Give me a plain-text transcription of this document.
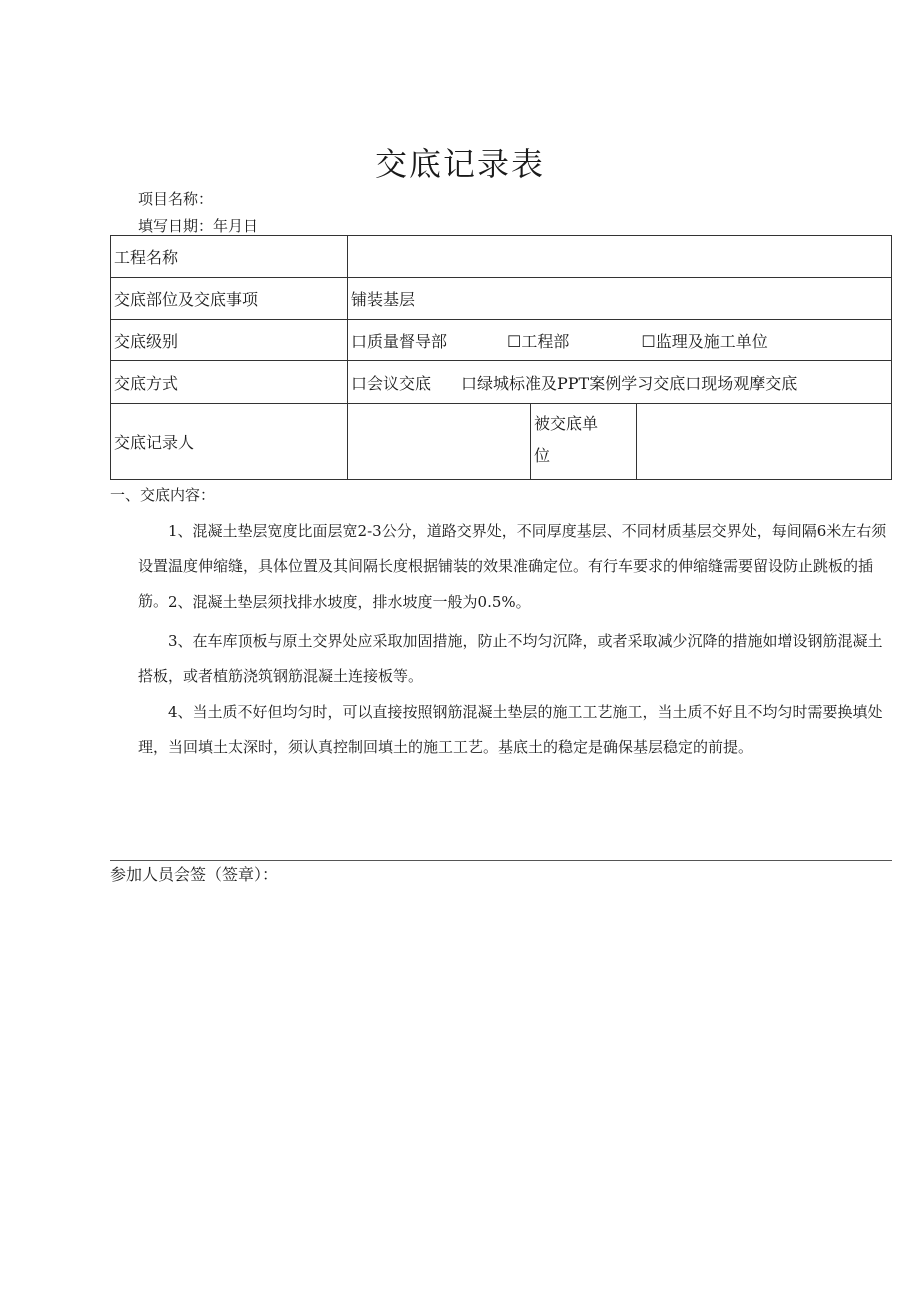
交底记录表
项目名称：
填写日期：年月日
工程名称			
交底部位及交底事项	铺装基层		
交底级别	口质量督导部 ☐工程部 ☐监理及施工单位		
交底方式	口会议交底 口绿城标准及PPT案例学习交底口现场观摩交底		
交底记录人		被交底单
位	

一、交底内容：

1、混凝土垫层宽度比面层宽2-3公分，道路交界处，不同厚度基层、不同材质基层交界处，每间隔6米左右须设置温度伸缩缝，具体位置及其间隔长度根据铺装的效果准确定位。有行车要求的伸缩缝需要留设防止跳板的插筋。 2、混凝土垫层须找排水坡度，排水坡度一般为0.5%。

3、在车库顶板与原土交界处应采取加固措施，防止不均匀沉降，或者采取减少沉降的措施如增设钢筋混凝土搭板，或者植筋浇筑钢筋混凝土连接板等。

4、当土质不好但均匀时，可以直接按照钢筋混凝土垫层的施工工艺施工，当土质不好且不均匀时需要换填处理，当回填土太深时，须认真控制回填土的施工工艺。基底土的稳定是确保基层稳定的前提。

参加人员会签（签章）：
